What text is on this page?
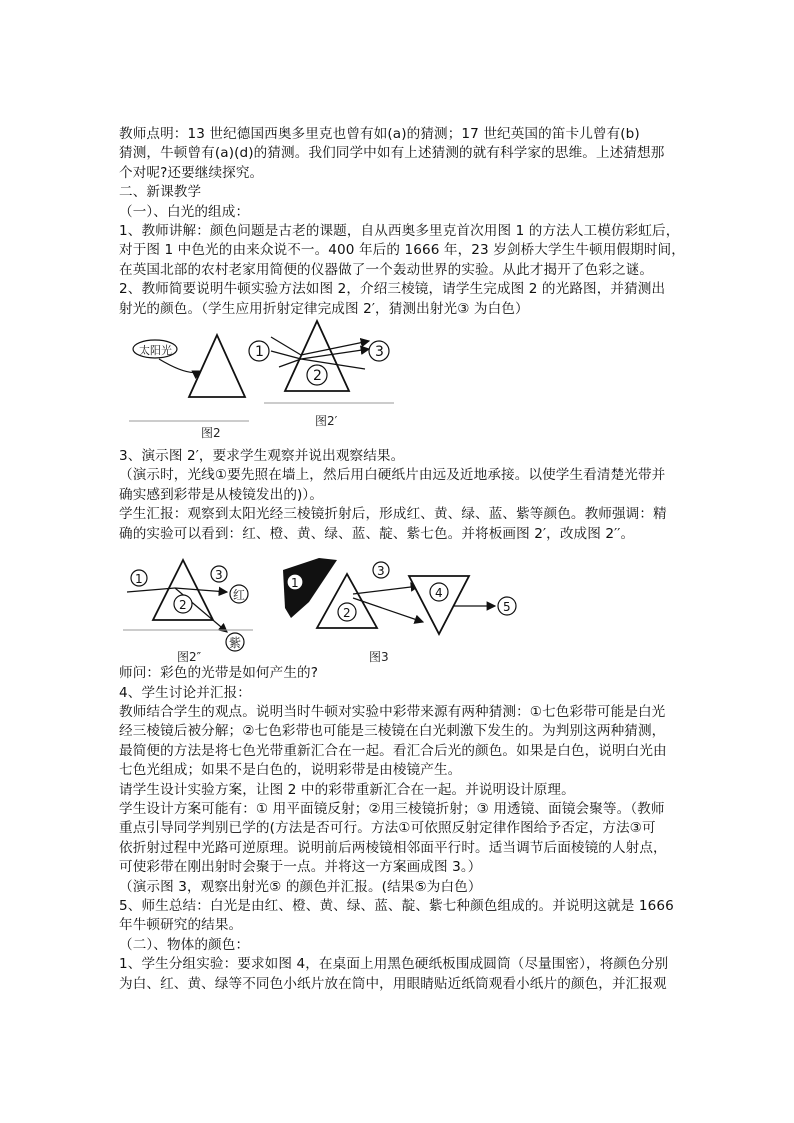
教师点明：13 世纪德国西奥多里克也曾有如(a)的猜测；17 世纪英国的笛卡儿曾有(b)
猜测，牛顿曾有(a)(d)的猜测。我们同学中如有上述猜测的就有科学家的思维。上述猜想那
个对呢?还要继续探究。
二、新课教学
（一）、白光的组成：
1、教师讲解：颜色问题是古老的课题，自从西奥多里克首次用图 1 的方法人工模仿彩虹后，
对于图 1 中色光的由来众说不一。400 年后的 1666 年，23 岁剑桥大学生牛顿用假期时间，
在英国北部的农村老家用简便的仪器做了一个轰动世界的实验。从此才揭开了色彩之谜。
2、教师简要说明牛顿实验方法如图 2，介绍三棱镜，请学生完成图 2 的光路图，并猜测出
射光的颜色。（学生应用折射定律完成图 2′，猜测出射光③ 为白色）
太阳光
图2
1	3
2
图2′
3、演示图 2′，要求学生观察并说出观察结果。
（演示时，光线①要先照在墙上，然后用白硬纸片由远及近地承接。以使学生看清楚光带并
确实感到彩带是从棱镜发出的)）。
学生汇报：观察到太阳光经三棱镜折射后，形成红、黄、绿、蓝、紫等颜色。教师强调：精
确的实验可以看到：红、橙、黄、绿、蓝、靛、紫七色。并将板画图 2′，改成图 2′′。
1
2
3
红
紫
图2″
1
2
3
4
5
图3
师问：彩色的光带是如何产生的?
4、学生讨论并汇报：
教师结合学生的观点。说明当时牛顿对实验中彩带来源有两种猜测：①七色彩带可能是白光
经三棱镜后被分解；②七色彩带也可能是三棱镜在白光刺激下发生的。为判别这两种猜测，
最简便的方法是将七色光带重新汇合在一起。看汇合后光的颜色。如果是白色，说明白光由
七色光组成；如果不是白色的，说明彩带是由棱镜产生。
请学生设计实验方案，让图 2 中的彩带重新汇合在一起。并说明设计原理。
学生设计方案可能有：① 用平面镜反射；②用三棱镜折射；③ 用透镜、面镜会聚等。（教师
重点引导同学判别已学的(方法是否可行。方法①可依照反射定律作图给予否定，方法③可
依折射过程中光路可逆原理。说明前后两棱镜相邻面平行时。适当调节后面棱镜的人射点，
可使彩带在刚出射时会聚于一点。并将这一方案画成图 3。）
（演示图 3，观察出射光⑤ 的颜色并汇报。(结果⑤为白色）
5、师生总结：白光是由红、橙、黄、绿、蓝、靛、紫七种颜色组成的。并说明这就是 1666
年牛顿研究的结果。
（二）、物体的颜色：
1、学生分组实验：要求如图 4，在桌面上用黑色硬纸板围成圆筒（尽量围密），将颜色分别
为白、红、黄、绿等不同色小纸片放在筒中，用眼睛贴近纸筒观看小纸片的颜色，并汇报观
